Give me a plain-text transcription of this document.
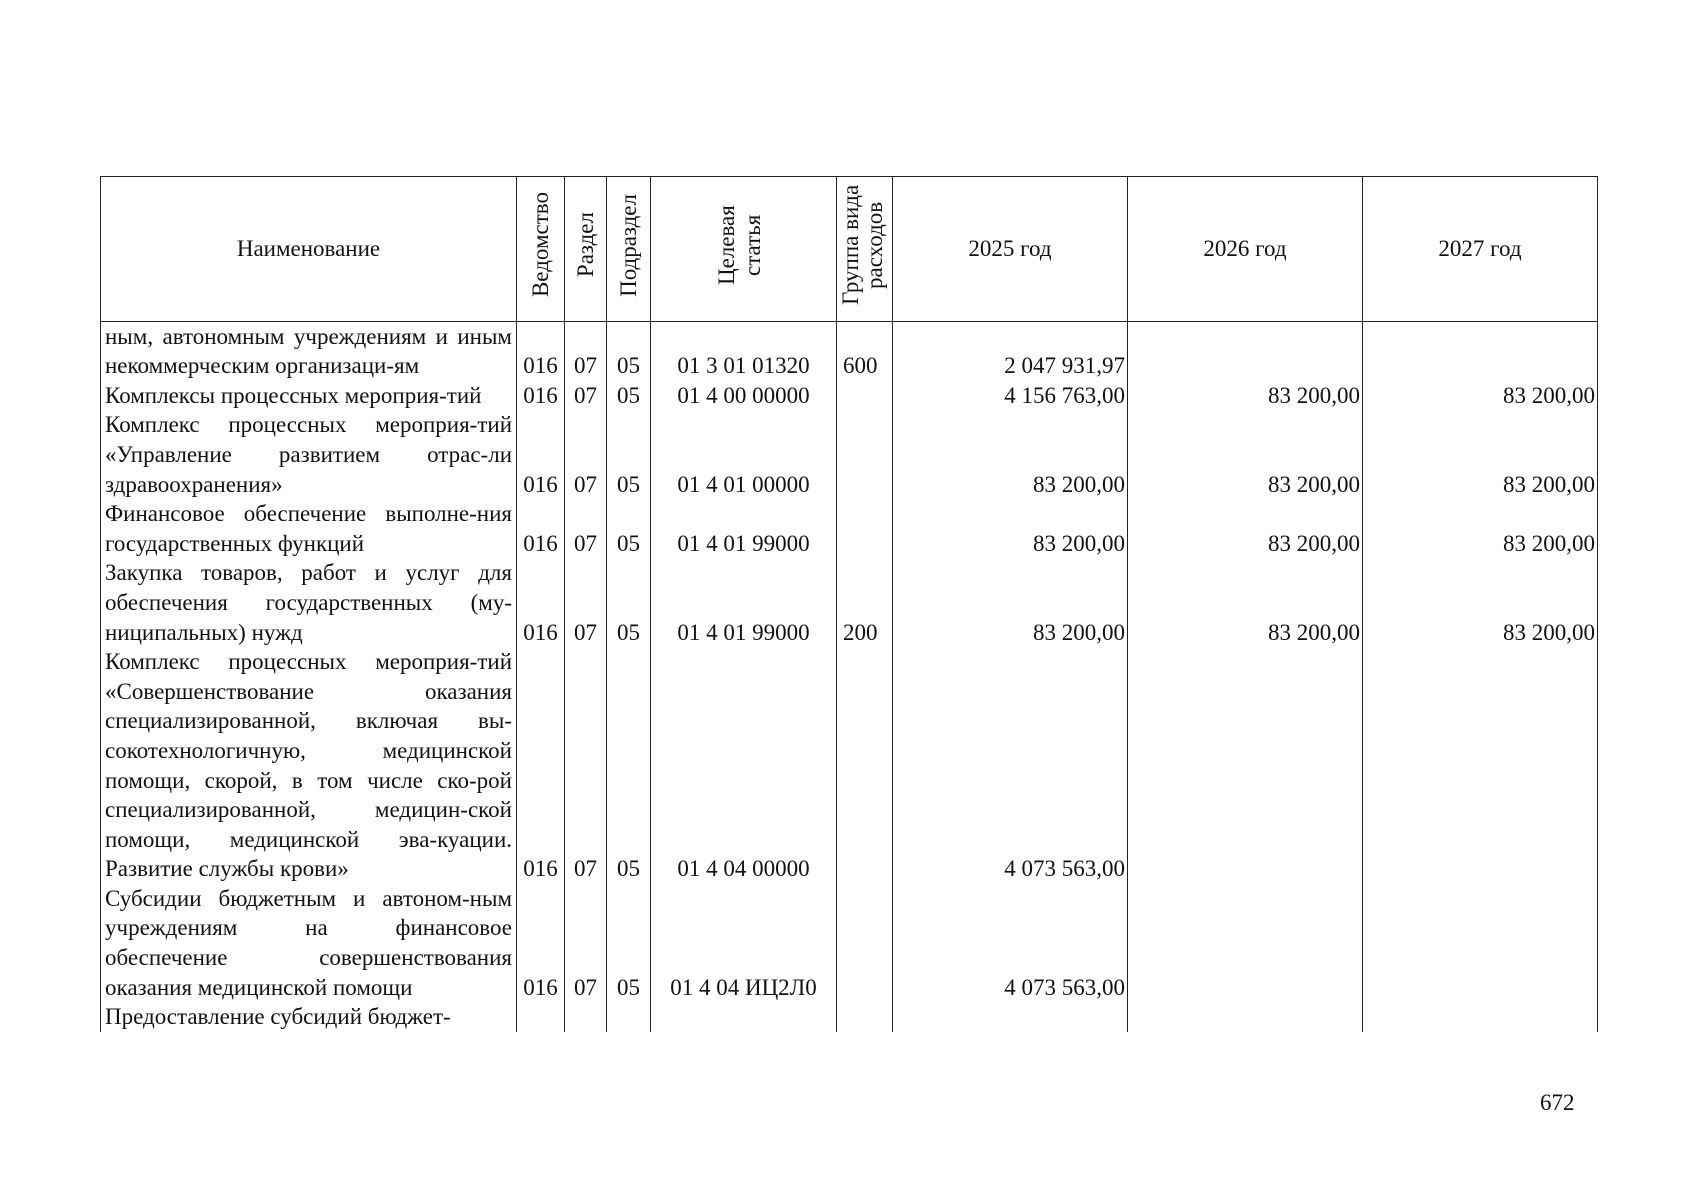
Наименование	Ведомство	Раздел	Подраздел	Целевая статья	Группа вида расходов	2025 год	2026 год	2027 год
ным, автономным учреждениям и иным некоммерческим организаци-ям	016	07	05	01 3 01 01320	600	2 047 931,97		
Комплексы процессных мероприя-тий	016	07	05	01 4 00 00000		4 156 763,00	83 200,00	83 200,00
Комплекс процессных мероприя-тий «Управление развитием отрас-ли здравоохранения»	016	07	05	01 4 01 00000		83 200,00	83 200,00	83 200,00
Финансовое обеспечение выполне-ния государственных функций	016	07	05	01 4 01 99000		83 200,00	83 200,00	83 200,00
Закупка товаров, работ и услуг для обеспечения государственных (му-ниципальных) нужд	016	07	05	01 4 01 99000	200	83 200,00	83 200,00	83 200,00
Комплекс процессных мероприя-тий «Совершенствование оказания специализированной, включая вы-сокотехнологичную, медицинской помощи, скорой, в том числе ско-рой специализированной, медицин-ской помощи, медицинской эва-куации. Развитие службы крови»	016	07	05	01 4 04 00000		4 073 563,00		
Субсидии бюджетным и автоном-ным учреждениям на финансовое обеспечение совершенствования оказания медицинской помощи	016	07	05	01 4 04 ИЦ2Л0		4 073 563,00		
Предоставление субсидий бюджет-								
672
